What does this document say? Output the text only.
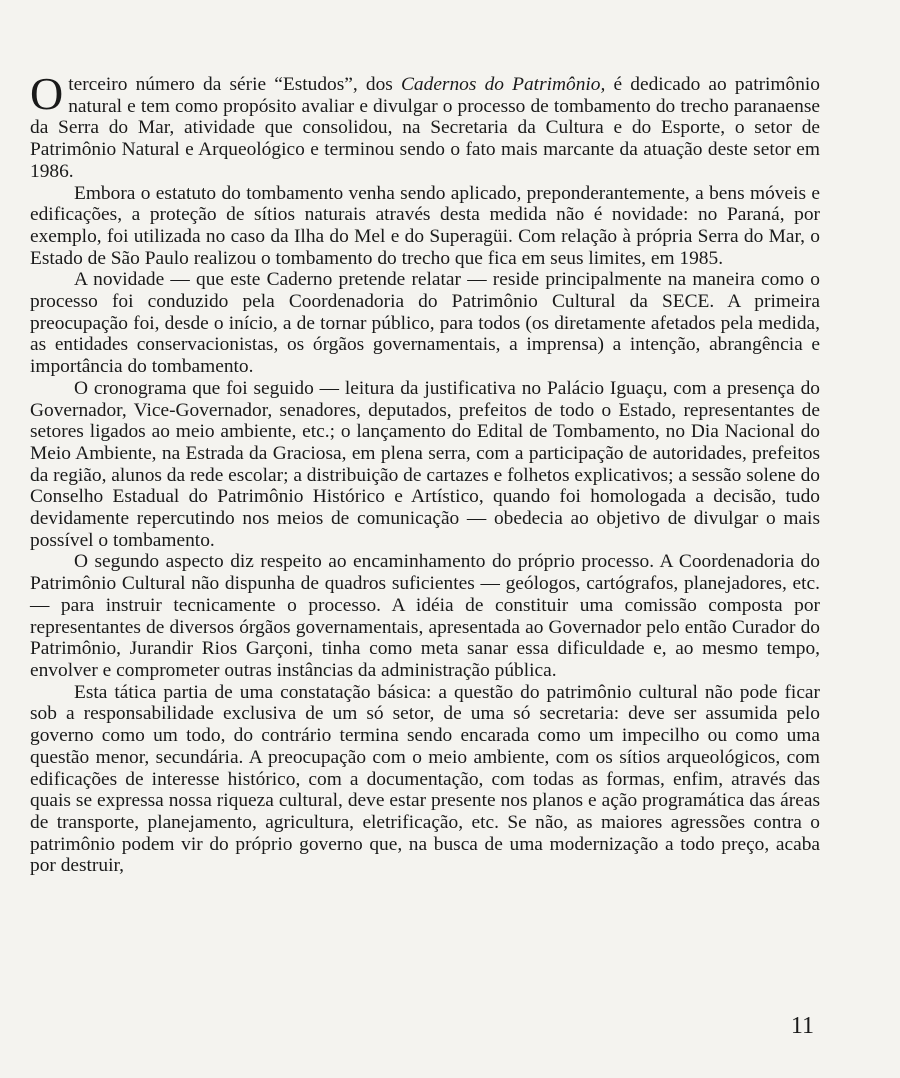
Oterceiro número da série “Estudos”, dos Cadernos do Patrimônio, é dedicado ao patrimônio natural e tem como propósito avaliar e divulgar o processo de tombamento do trecho paranaense da Serra do Mar, atividade que consolidou, na Secretaria da Cultura e do Esporte, o setor de Patrimônio Natural e Arqueológico e terminou sendo o fato mais marcante da atuação deste setor em 1986.

Embora o estatuto do tombamento venha sendo aplicado, preponderantemente, a bens móveis e edificações, a proteção de sítios naturais através desta medida não é novidade: no Paraná, por exemplo, foi utilizada no caso da Ilha do Mel e do Superagüi. Com relação à própria Serra do Mar, o Estado de São Paulo realizou o tombamento do trecho que fica em seus limites, em 1985.

A novidade — que este Caderno pretende relatar — reside principalmente na maneira como o processo foi conduzido pela Coordenadoria do Patrimônio Cultural da SECE. A primeira preocupação foi, desde o início, a de tornar público, para todos (os diretamente afetados pela medida, as entidades conservacionistas, os órgãos governamentais, a imprensa) a intenção, abrangência e importância do tombamento.

O cronograma que foi seguido — leitura da justificativa no Palácio Iguaçu, com a presença do Governador, Vice-Governador, senadores, deputados, prefeitos de todo o Estado, representantes de setores ligados ao meio ambiente, etc.; o lançamento do Edital de Tombamento, no Dia Nacional do Meio Ambiente, na Estrada da Graciosa, em plena serra, com a participação de autoridades, prefeitos da região, alunos da rede escolar; a distribuição de cartazes e folhetos explicativos; a sessão solene do Conselho Estadual do Patrimônio Histórico e Artístico, quando foi homologada a decisão, tudo devidamente repercutindo nos meios de comunicação — obedecia ao objetivo de divulgar o mais possível o tombamento.

O segundo aspecto diz respeito ao encaminhamento do próprio processo. A Coordenadoria do Patrimônio Cultural não dispunha de quadros suficientes — geólogos, cartógrafos, planejadores, etc. — para instruir tecnicamente o processo. A idéia de constituir uma comissão composta por representantes de diversos órgãos governamentais, apresentada ao Governador pelo então Curador do Patrimônio, Jurandir Rios Garçoni, tinha como meta sanar essa dificuldade e, ao mesmo tempo, envolver e comprometer outras instâncias da administração pública.

Esta tática partia de uma constatação básica: a questão do patrimônio cultural não pode ficar sob a responsabilidade exclusiva de um só setor, de uma só secretaria: deve ser assumida pelo governo como um todo, do contrário termina sendo encarada como um impecilho ou como uma questão menor, secundária. A preocupação com o meio ambiente, com os sítios arqueológicos, com edificações de interesse histórico, com a documentação, com todas as formas, enfim, através das quais se expressa nossa riqueza cultural, deve estar presente nos planos e ação programática das áreas de transporte, planejamento, agricultura, eletrificação, etc. Se não, as maiores agressões contra o patrimônio podem vir do próprio governo que, na busca de uma modernização a todo preço, acaba por destruir,

11
